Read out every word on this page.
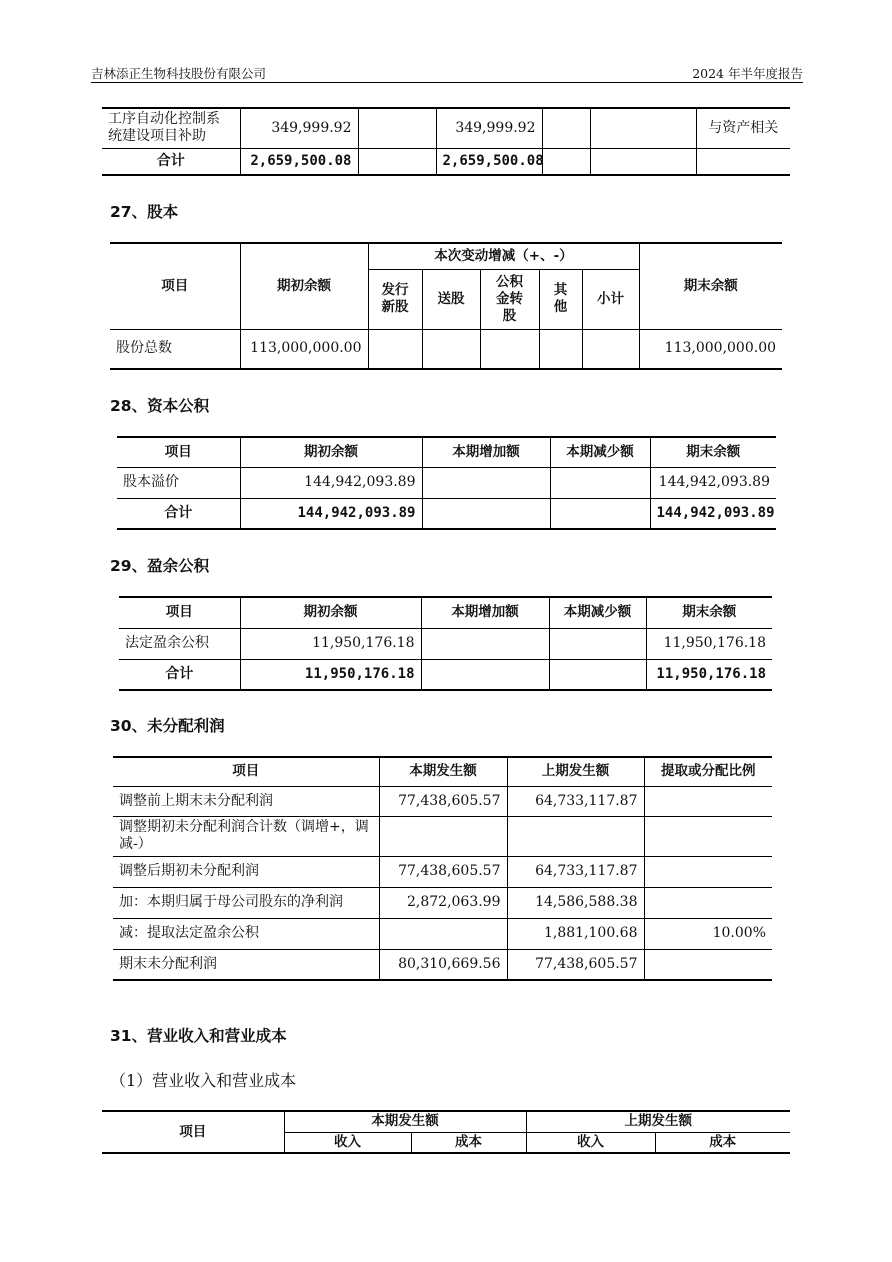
吉林添正生物科技股份有限公司	2024 年半年度报告
工序自动化控制系统建设项目补助	349,999.92		349,999.92			与资产相关
合计	2,659,500.08		2,659,500.08			
27、股本
项目	期初余额	本次变动增减（+、-）					期末余额
		发行新股	送股	公积金转股	其他	小计	
股份总数	113,000,000.00						113,000,000.00
28、资本公积
项目	期初余额	本期增加额	本期减少额	期末余额
股本溢价	144,942,093.89			144,942,093.89
合计	144,942,093.89			144,942,093.89
29、盈余公积
项目	期初余额	本期增加额	本期减少额	期末余额
法定盈余公积	11,950,176.18			11,950,176.18
合计	11,950,176.18			11,950,176.18
30、未分配利润
项目	本期发生额	上期发生额	提取或分配比例
调整前上期末未分配利润	77,438,605.57	64,733,117.87	
调整期初未分配利润合计数（调增+，调减-）			
调整后期初未分配利润	77,438,605.57	64,733,117.87	
加：本期归属于母公司股东的净利润	2,872,063.99	14,586,588.38	
减：提取法定盈余公积		1,881,100.68	10.00%
期末未分配利润	80,310,669.56	77,438,605.57	
31、营业收入和营业成本
（1）营业收入和营业成本
项目	本期发生额		上期发生额	
	收入	成本	收入	成本
